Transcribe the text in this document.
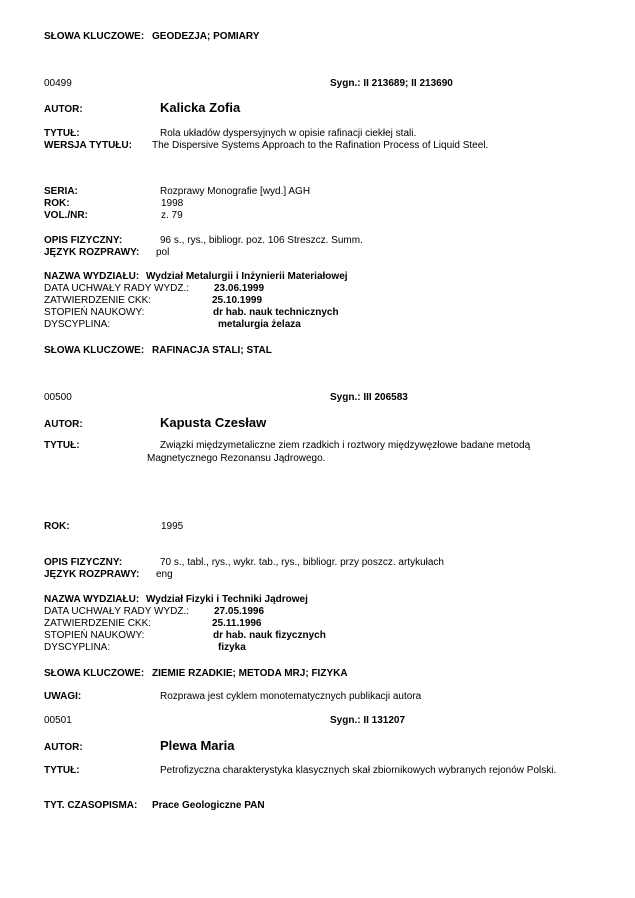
SŁOWA KLUCZOWE: GEODEZJA; POMIARY
00499	Sygn.: II 213689; II 213690
AUTOR:	Kalicka Zofia
TYTUŁ:	Rola układów dyspersyjnych w opisie rafinacji ciekłej stali.
WERSJA TYTUŁU: The Dispersive Systems Approach to the Rafination Process of Liquid Steel.
SERIA:	Rozprawy Monografie [wyd.] AGH
ROK:	1998
VOL./NR:	z. 79
OPIS FIZYCZNY:	96 s., rys., bibliogr. poz. 106 Streszcz. Summ.
JĘZYK ROZPRAWY: pol
NAZWA WYDZIAŁU: Wydział Metalurgii i Inżynierii Materiałowej
DATA UCHWAŁY RADY WYDZ.: 23.06.1999
ZATWIERDZENIE CKK:	25.10.1999
STOPIEŃ NAUKOWY:	dr hab. nauk technicznych
DYSCYPLINA:	metalurgia żelaza
SŁOWA KLUCZOWE: RAFINACJA STALI; STAL
00500	Sygn.: III 206583
AUTOR:	Kapusta Czesław
TYTUŁ:	Związki międzymetaliczne ziem rzadkich i roztwory międzywęzłowe badane metodą
Magnetycznego Rezonansu Jądrowego.
ROK:	1995
OPIS FIZYCZNY:	70 s., tabl., rys., wykr. tab., rys., bibliogr. przy poszcz. artykułach
JĘZYK ROZPRAWY: eng
NAZWA WYDZIAŁU: Wydział Fizyki i Techniki Jądrowej
DATA UCHWAŁY RADY WYDZ.: 27.05.1996
ZATWIERDZENIE CKK:	25.11.1996
STOPIEŃ NAUKOWY:	dr hab. nauk fizycznych
DYSCYPLINA:	fizyka
SŁOWA KLUCZOWE: ZIEMIE RZADKIE; METODA MRJ; FIZYKA
UWAGI:	Rozprawa jest cyklem monotematycznych publikacji autora
00501	Sygn.: II 131207
AUTOR:	Plewa Maria
TYTUŁ:	Petrofizyczna charakterystyka klasycznych skał zbiornikowych wybranych rejonów Polski.
TYT. CZASOPISMA: Prace Geologiczne PAN
